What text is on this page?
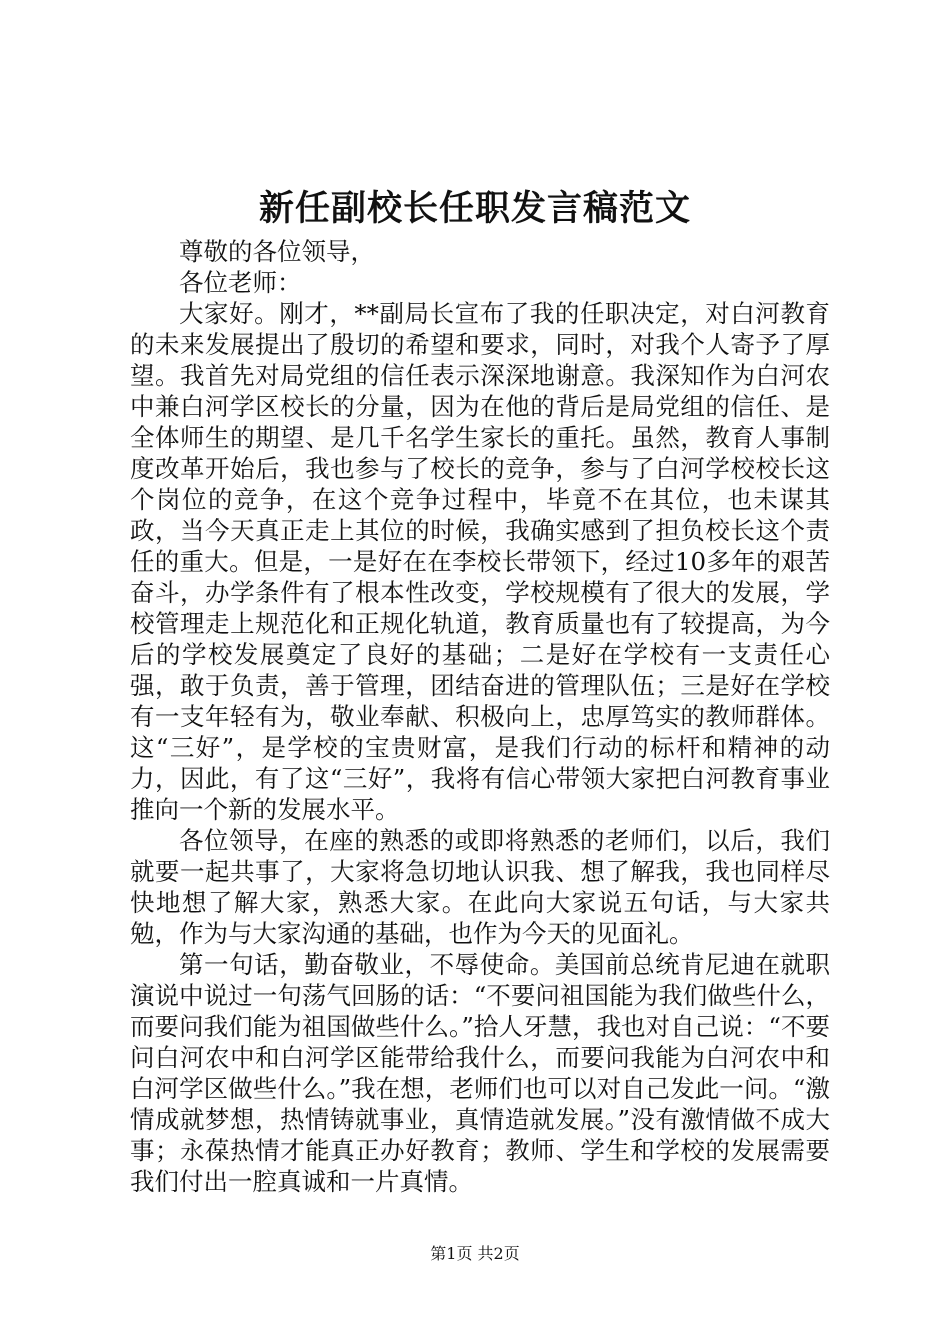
新任副校长任职发言稿范文

尊敬的各位领导，

各位老师：

大家好。刚才，**副局长宣布了我的任职决定，对白河教育的未来发展提出了殷切的希望和要求，同时，对我个人寄予了厚望。我首先对局党组的信任表示深深地谢意。我深知作为白河农中兼白河学区校长的分量，因为在他的背后是局党组的信任、是全体师生的期望、是几千名学生家长的重托。虽然，教育人事制度改革开始后，我也参与了校长的竞争，参与了白河学校校长这个岗位的竞争，在这个竞争过程中，毕竟不在其位，也未谋其政，当今天真正走上其位的时候，我确实感到了担负校长这个责任的重大。但是，一是好在在李校长带领下，经过10多年的艰苦奋斗，办学条件有了根本性改变，学校规模有了很大的发展，学校管理走上规范化和正规化轨道，教育质量也有了较提高，为今后的学校发展奠定了良好的基础；二是好在学校有一支责任心强，敢于负责，善于管理，团结奋进的管理队伍；三是好在学校有一支年轻有为，敬业奉献、积极向上，忠厚笃实的教师群体。这“三好”，是学校的宝贵财富，是我们行动的标杆和精神的动力，因此，有了这“三好”，我将有信心带领大家把白河教育事业推向一个新的发展水平。

各位领导，在座的熟悉的或即将熟悉的老师们，以后，我们就要一起共事了，大家将急切地认识我、想了解我，我也同样尽快地想了解大家，熟悉大家。在此向大家说五句话，与大家共勉，作为与大家沟通的基础，也作为今天的见面礼。

第一句话，勤奋敬业，不辱使命。美国前总统肯尼迪在就职演说中说过一句荡气回肠的话：“不要问祖国能为我们做些什么，而要问我们能为祖国做些什么。”拾人牙慧，我也对自己说：“不要问白河农中和白河学区能带给我什么，而要问我能为白河农中和白河学区做些什么。”我在想，老师们也可以对自己发此一问。“激情成就梦想，热情铸就事业，真情造就发展。”没有激情做不成大事；永葆热情才能真正办好教育；教师、学生和学校的发展需要我们付出一腔真诚和一片真情。

第1页 共2页
